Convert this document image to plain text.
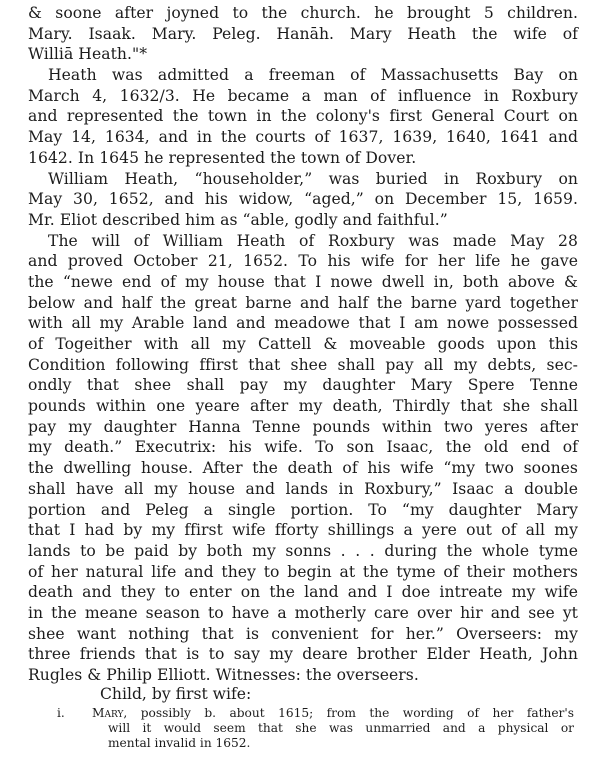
& soone after joyned to the church. he brought 5 children.
Mary. Isaak. Mary. Peleg. Hanāh. Mary Heath the wife of
Williā Heath."*
Heath was admitted a freeman of Massachusetts Bay on
March 4, 1632/3. He became a man of influence in Roxbury
and represented the town in the colony's first General Court on
May 14, 1634, and in the courts of 1637, 1639, 1640, 1641 and
1642. In 1645 he represented the town of Dover.
William Heath, “householder,” was buried in Roxbury on
May 30, 1652, and his widow, “aged,” on December 15, 1659.
Mr. Eliot described him as “able, godly and faithful.”
The will of William Heath of Roxbury was made May 28
and proved October 21, 1652. To his wife for her life he gave
the “newe end of my house that I nowe dwell in, both above &
below and half the great barne and half the barne yard together
with all my Arable land and meadowe that I am nowe possessed
of Togeither with all my Cattell & moveable goods upon this
Condition following ffirst that shee shall pay all my debts, sec-
ondly that shee shall pay my daughter Mary Spere Tenne
pounds within one yeare after my death, Thirdly that she shall
pay my daughter Hanna Tenne pounds within two yeres after
my death.” Executrix: his wife. To son Isaac, the old end of
the dwelling house. After the death of his wife “my two soones
shall have all my house and lands in Roxbury,” Isaac a double
portion and Peleg a single portion. To “my daughter Mary
that I had by my ffirst wife fforty shillings a yere out of all my
lands to be paid by both my sonns . . . during the whole tyme
of her natural life and they to begin at the tyme of their mothers
death and they to enter on the land and I doe intreate my wife
in the meane season to have a motherly care over hir and see yt
shee want nothing that is convenient for her.” Overseers: my
three friends that is to say my deare brother Elder Heath, John
Rugles & Philip Elliott. Witnesses: the overseers.
Child, by first wife:
i.	Mary, possibly b. about 1615; from the wording of her father's
will it would seem that she was unmarried and a physical or
mental invalid in 1652.
